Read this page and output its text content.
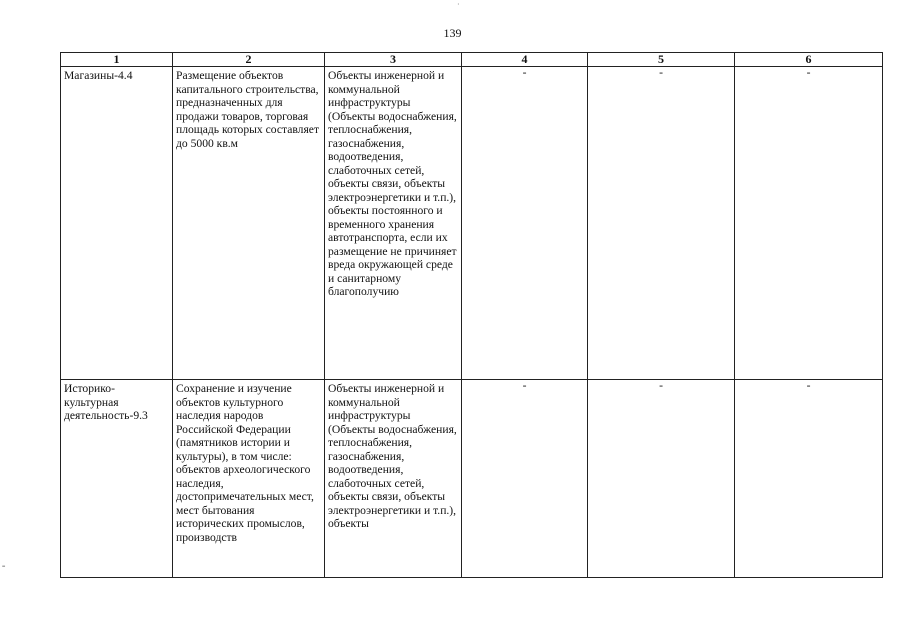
·
139
1	2	3	4	5	6

Магазины-4.4	Размещение объектов капитального строительства, предназначенных для продажи товаров, торговая площадь которых составляет до 5000 кв.м	Объекты инженерной и коммунальной инфраструктуры (Объекты водоснабжения, теплоснабжения, газоснабжения, водоотведения, слаботочных сетей, объекты связи, объекты электроэнергетики и т.п.), объекты постоянного и временного хранения автотранспорта, если их размещение не причиняет вреда окружающей среде и санитарному благополучию	-	-	-

Историко-культурная деятельность-9.3	Сохранение и изучение объектов культурного наследия народов Российской Федерации (памятников истории и культуры), в том числе: объектов археологического наследия, достопримечательных мест, мест бытования исторических промыслов, производств	Объекты инженерной и коммунальной инфраструктуры (Объекты водоснабжения, теплоснабжения, газоснабжения, водоотведения, слаботочных сетей, объекты связи, объекты электроэнергетики и т.п.), объекты	-	-	-
≡
